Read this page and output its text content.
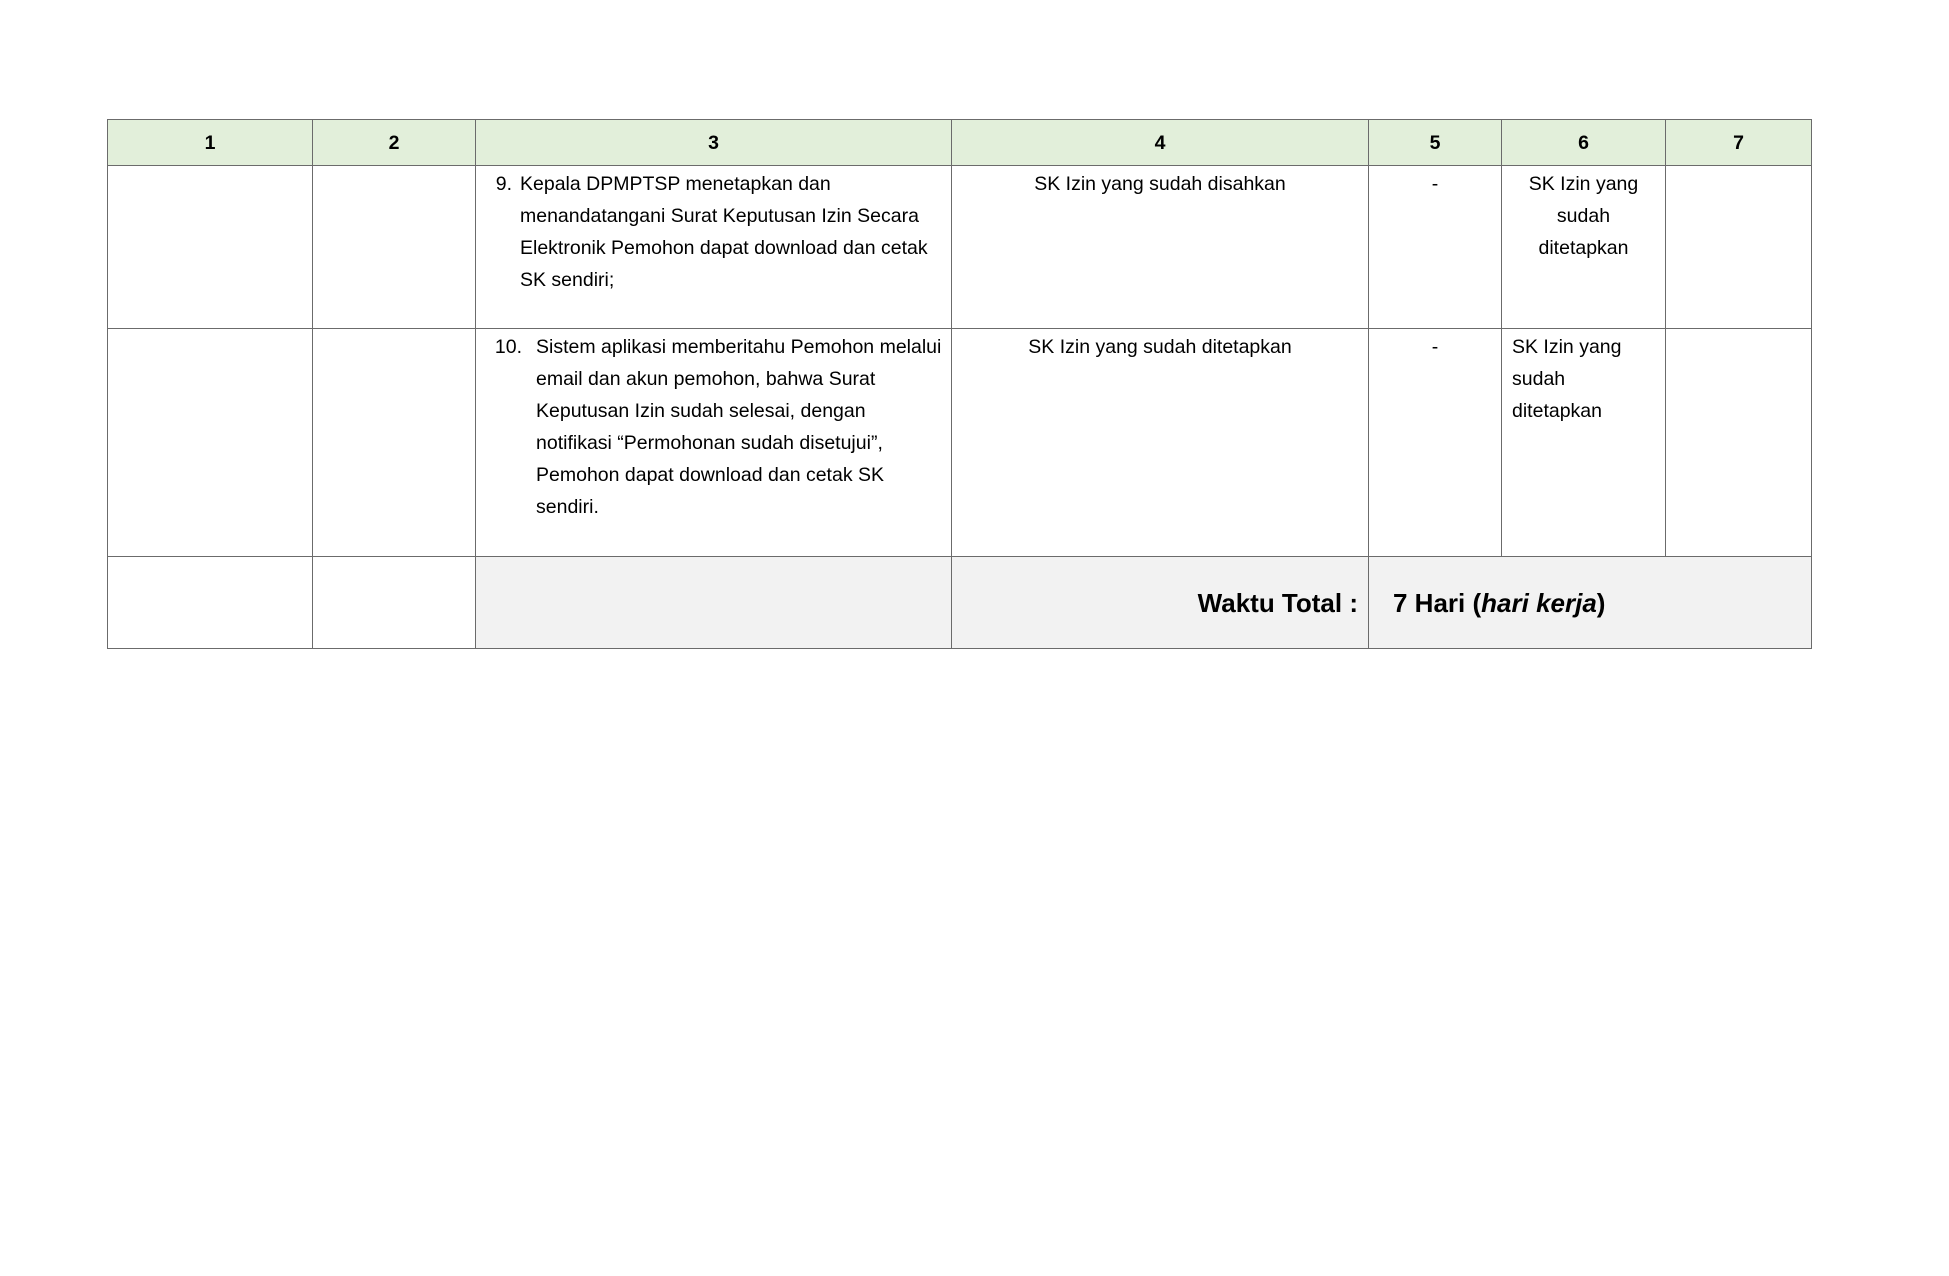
1	2	3	4	5	6	7

		9. Kepala DPMPTSP menetapkan dan menandatangani Surat Keputusan Izin Secara Elektronik Pemohon dapat download dan cetak SK sendiri;	SK Izin yang sudah disahkan	-	SK Izin yang sudah ditetapkan	

		10. Sistem aplikasi memberitahu Pemohon melalui email dan akun pemohon, bahwa Surat Keputusan Izin sudah selesai, dengan notifikasi “Permohonan sudah disetujui”, Pemohon dapat download dan cetak SK sendiri.	SK Izin yang sudah ditetapkan	-	SK Izin yang sudah ditetapkan	

			Waktu Total :	7 Hari (hari kerja)		
